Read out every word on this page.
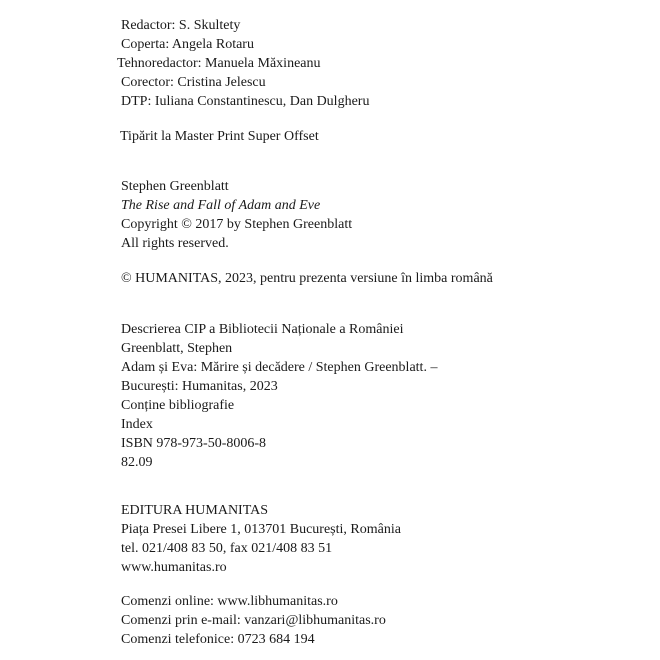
Redactor: S. Skultety
Coperta: Angela Rotaru
Tehnoredactor: Manuela Măxineanu
Corector: Cristina Jelescu
DTP: Iuliana Constantinescu, Dan Dulgheru
Tipărit la Master Print Super Offset
Stephen Greenblatt
The Rise and Fall of Adam and Eve
Copyright © 2017 by Stephen Greenblatt
All rights reserved.
© HUMANITAS, 2023, pentru prezenta versiune în limba română
Descrierea CIP a Bibliotecii Naționale a României
Greenblatt, Stephen
Adam și Eva: Mărire și decădere / Stephen Greenblatt. –
București: Humanitas, 2023
Conține bibliografie
Index
ISBN 978-973-50-8006-8
82.09
EDITURA HUMANITAS
Piața Presei Libere 1, 013701 București, România
tel. 021/408 83 50, fax 021/408 83 51
www.humanitas.ro
Comenzi online: www.libhumanitas.ro
Comenzi prin e-mail: vanzari@libhumanitas.ro
Comenzi telefonice: 0723 684 194
